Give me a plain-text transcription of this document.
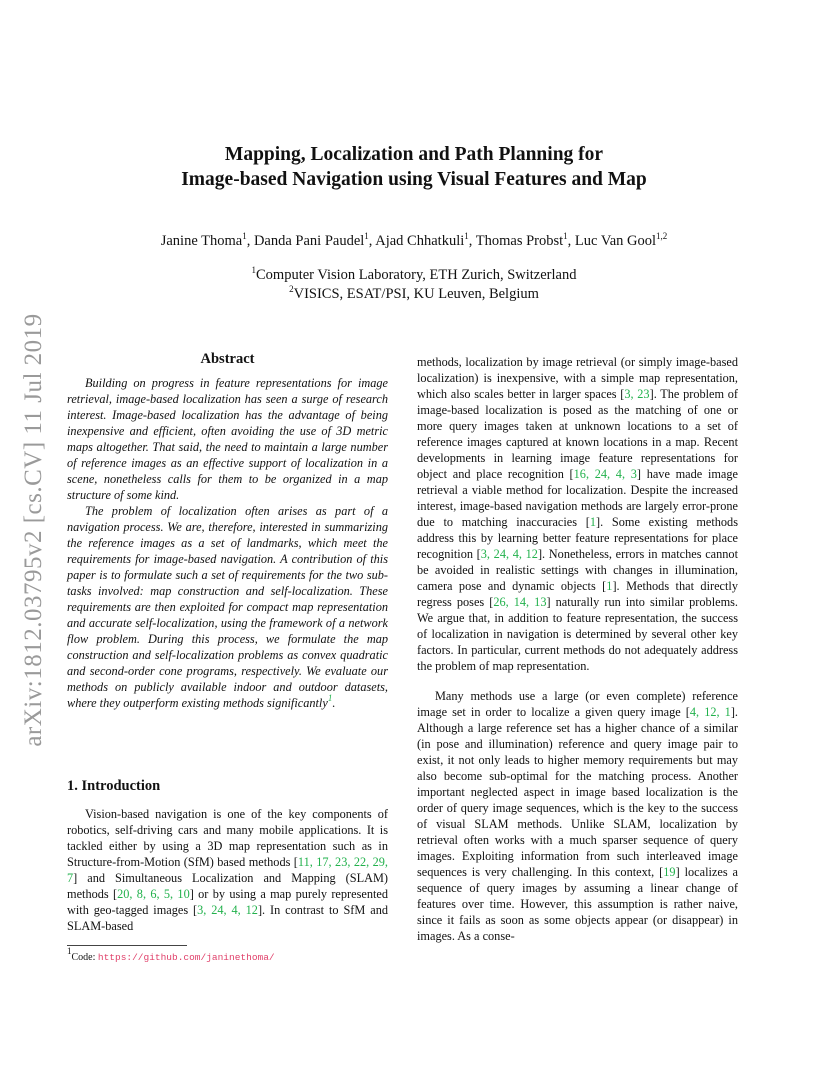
arXiv:1812.03795v2 [cs.CV] 11 Jul 2019
Mapping, Localization and Path Planning for
Image-based Navigation using Visual Features and Map
Janine Thoma$^1$, Danda Pani Paudel$^1$, Ajad Chhatkuli$^1$, Thomas Probst$^1$, Luc Van Gool$^{1,2}$
$^1$Computer Vision Laboratory, ETH Zurich, Switzerland
$^2$VISICS, ESAT/PSI, KU Leuven, Belgium
Abstract

Building on progress in feature representations for image retrieval, image-based localization has seen a surge of research interest. Image-based localization has the advantage of being inexpensive and efficient, often avoiding the use of 3D metric maps altogether. That said, the need to maintain a large number of reference images as an effective support of localization in a scene, nonetheless calls for them to be organized in a map structure of some kind.

The problem of localization often arises as part of a navigation process. We are, therefore, interested in summarizing the reference images as a set of landmarks, which meet the requirements for image-based navigation. A contribution of this paper is to formulate such a set of requirements for the two sub-tasks involved: map construction and self-localization. These requirements are then exploited for compact map representation and accurate self-localization, using the framework of a network flow problem. During this process, we formulate the map construction and self-localization problems as convex quadratic and second-order cone programs, respectively. We evaluate our methods on publicly available indoor and outdoor datasets, where they outperform existing methods significantly$^1$.

1. Introduction

Vision-based navigation is one of the key components of robotics, self-driving cars and many mobile applications. It is tackled either by using a 3D map representation such as in Structure-from-Motion (SfM) based methods [11, 17, 23, 22, 29, 7] and Simultaneous Localization and Mapping (SLAM) methods [20, 8, 6, 5, 10] or by using a map purely represented with geo-tagged images [3, 24, 4, 12]. In contrast to SfM and SLAM-based

methods, localization by image retrieval (or simply image-based localization) is inexpensive, with a simple map representation, which also scales better in larger spaces [3, 23]. The problem of image-based localization is posed as the matching of one or more query images taken at unknown locations to a set of reference images captured at known locations in a map. Recent developments in learning image feature representations for object and place recognition [16, 24, 4, 3] have made image retrieval a viable method for localization. Despite the increased interest, image-based navigation methods are largely error-prone due to matching inaccuracies [1]. Some existing methods address this by learning better feature representations for place recognition [3, 24, 4, 12]. Nonetheless, errors in matches cannot be avoided in realistic settings with changes in illumination, camera pose and dynamic objects [1]. Methods that directly regress poses [26, 14, 13] naturally run into similar problems. We argue that, in addition to feature representation, the success of localization in navigation is determined by several other key factors. In particular, current methods do not adequately address the problem of map representation.

Many methods use a large (or even complete) reference image set in order to localize a given query image [4, 12, 1]. Although a large reference set has a higher chance of a similar (in pose and illumination) reference and query image pair to exist, it not only leads to higher memory requirements but may also become sub-optimal for the matching process. Another important neglected aspect in image based localization is the order of query image sequences, which is the key to the success of visual SLAM methods. Unlike SLAM, localization by retrieval often works with a much sparser sequence of query images. Exploiting information from such interleaved image sequences is very challenging. In this context, [19] localizes a sequence of query images by assuming a linear change of features over time. However, this assumption is rather naive, since it fails as soon as some objects appear (or disappear) in images. As a conse-

$^1$Code: https://github.com/janinethoma/
